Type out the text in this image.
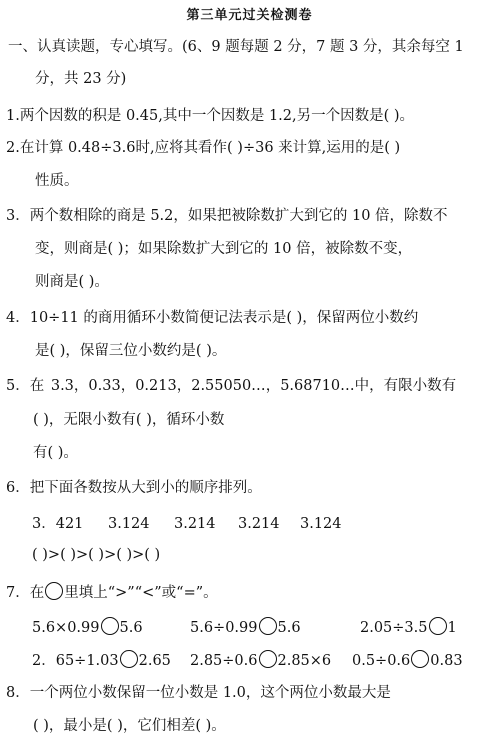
第三单元过关检测卷
一、认真读题，专心填写。(6、9 题每题 2 分，7 题 3 分，其余每空 1
分，共 23 分)
1.两个因数的积是 0.45,其中一个因数是 1.2,另一个因数是( )。
2.在计算 0.48÷3.6时,应将其看作( )÷36 来计算,运用的是( )
性质。
3．两个数相除的商是 5.2，如果把被除数扩大到它的 10 倍，除数不
变，则商是( )；如果除数扩大到它的 10 倍，被除数不变，
则商是( )。
4．10÷11 的商用循环小数简便记法表示是( )，保留两位小数约
是( )，保留三位小数约是( )。
5．在 3.3，0.33，0.213，2.55050…，5.68710…中，有限小数有
( )，无限小数有( )，循环小数
有( )。
6．把下面各数按从大到小的顺序排列。
3．421 3.124 3.214 3.214 3.124
( )>( )>( )>( )>( )
7．在 里填上“>”“<”或“=”。
5.6×0.99 5.6	5.6÷0.99 5.6	2.05÷3.5 1
2．65÷1.03 2.65 2.85÷0.6 2.85×6 0.5÷0.6 0.83
8．一个两位小数保留一位小数是 1.0，这个两位小数最大是
( )，最小是( )，它们相差( )。
